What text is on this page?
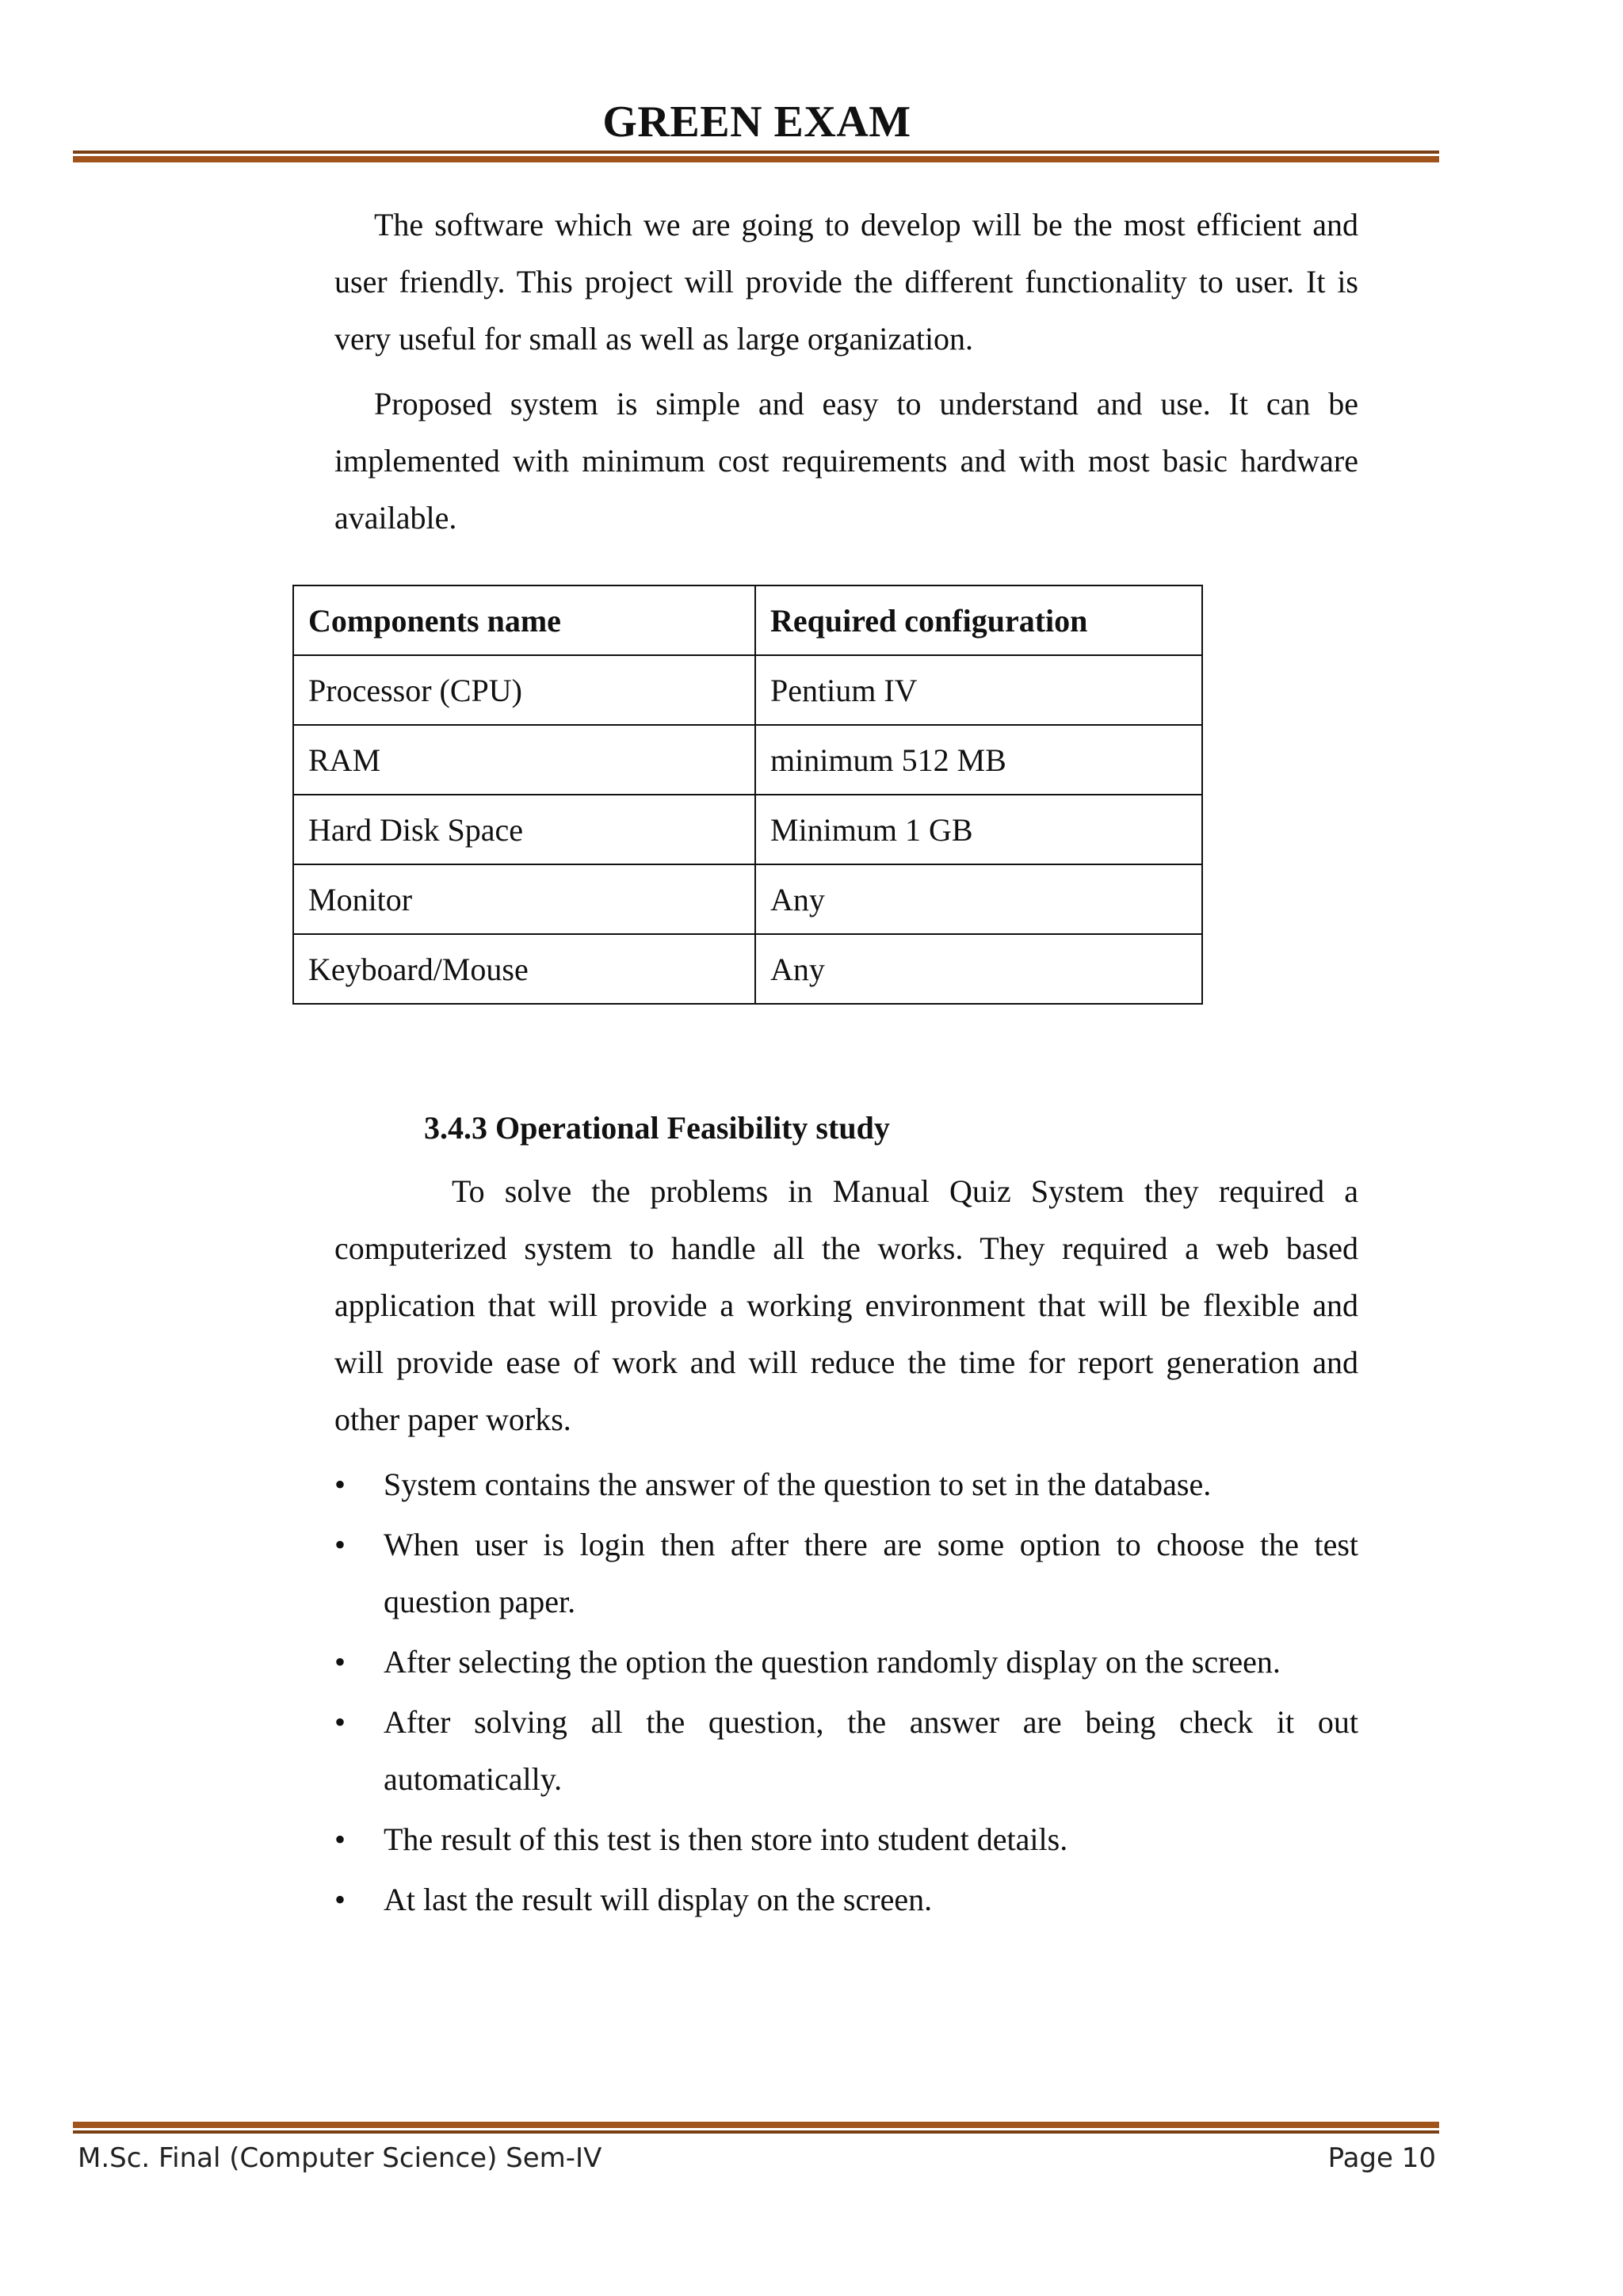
GREEN EXAM

The software which we are going to develop will be the most efficient and user friendly. This project will provide the different functionality to user. It is very useful for small as well as large organization.

Proposed system is simple and easy to understand and use. It can be implemented with minimum cost requirements and with most basic hardware available.

Components name	Required configuration
Processor (CPU)	Pentium IV
RAM	minimum 512 MB
Hard Disk Space	Minimum 1 GB
Monitor	Any
Keyboard/Mouse	Any
3.4.3 Operational Feasibility study

To solve the problems in Manual Quiz System they required a computerized system to handle all the works. They required a web based application that will provide a working environment that will be flexible and will provide ease of work and will reduce the time for report generation and other paper works.

• System contains the answer of the question to set in the database.
• When user is login then after there are some option to choose the test question paper.
• After selecting the option the question randomly display on the screen.
• After solving all the question, the answer are being check it out automatically.
• The result of this test is then store into student details.
• At last the result will display on the screen.
M.Sc. Final (Computer Science) Sem-IV	Page 10
